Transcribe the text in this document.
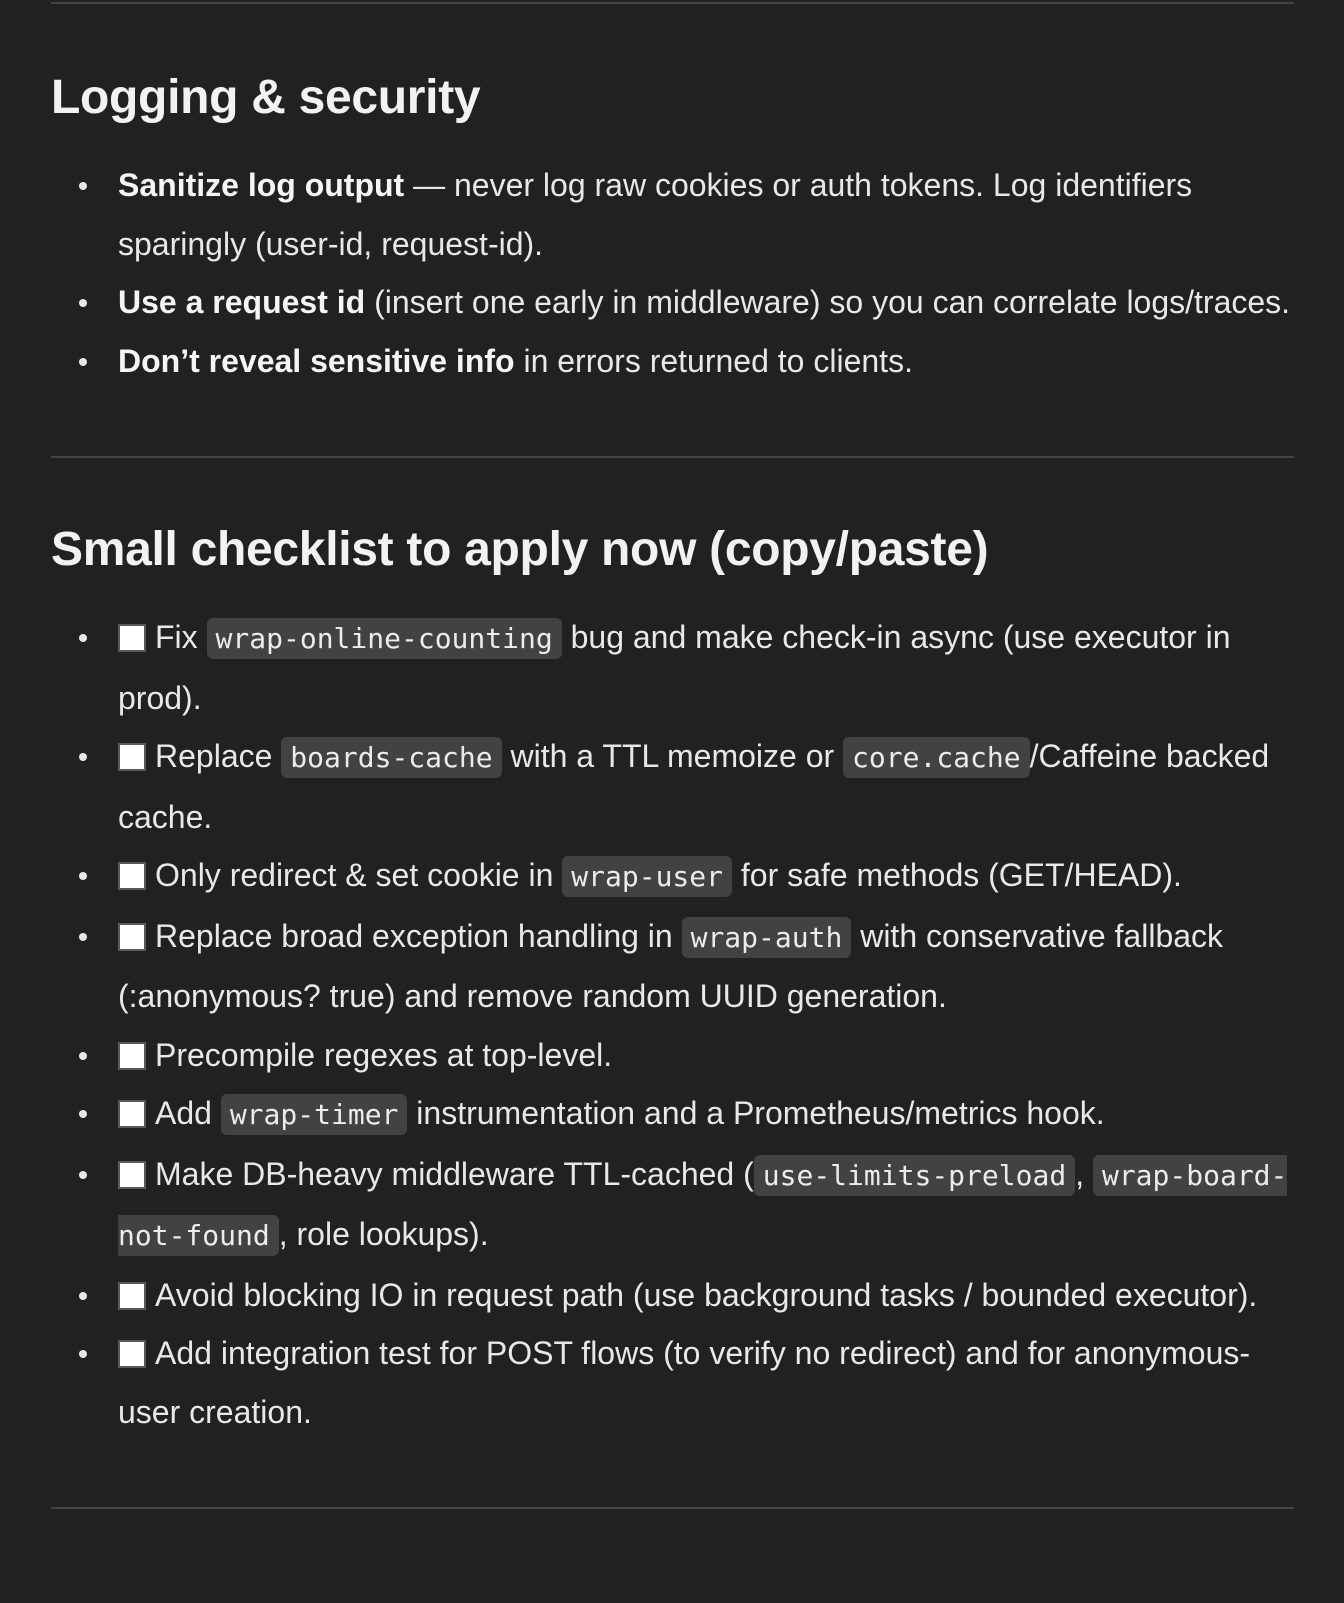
Logging & security
Sanitize log output — never log raw cookies or auth tokens. Log identifiers sparingly (user-id, request-id).
Use a request id (insert one early in middleware) so you can correlate logs/traces.
Don’t reveal sensitive info in errors returned to clients.
Small checklist to apply now (copy/paste)
Fix wrap-online-counting bug and make check-in async (use executor in prod).
Replace boards-cache with a TTL memoize or core.cache /Caffeine backed cache.
Only redirect & set cookie in wrap-user for safe methods (GET/HEAD).
Replace broad exception handling in wrap-auth with conservative fallback (:anonymous? true) and remove random UUID generation.
Precompile regexes at top-level.
Add wrap-timer instrumentation and a Prometheus/metrics hook.
Make DB-heavy middleware TTL-cached ( use-limits-preload , wrap-board-not-found , role lookups).
Avoid blocking IO in request path (use background tasks / bounded executor).
Add integration test for POST flows (to verify no redirect) and for anonymous-user creation.
